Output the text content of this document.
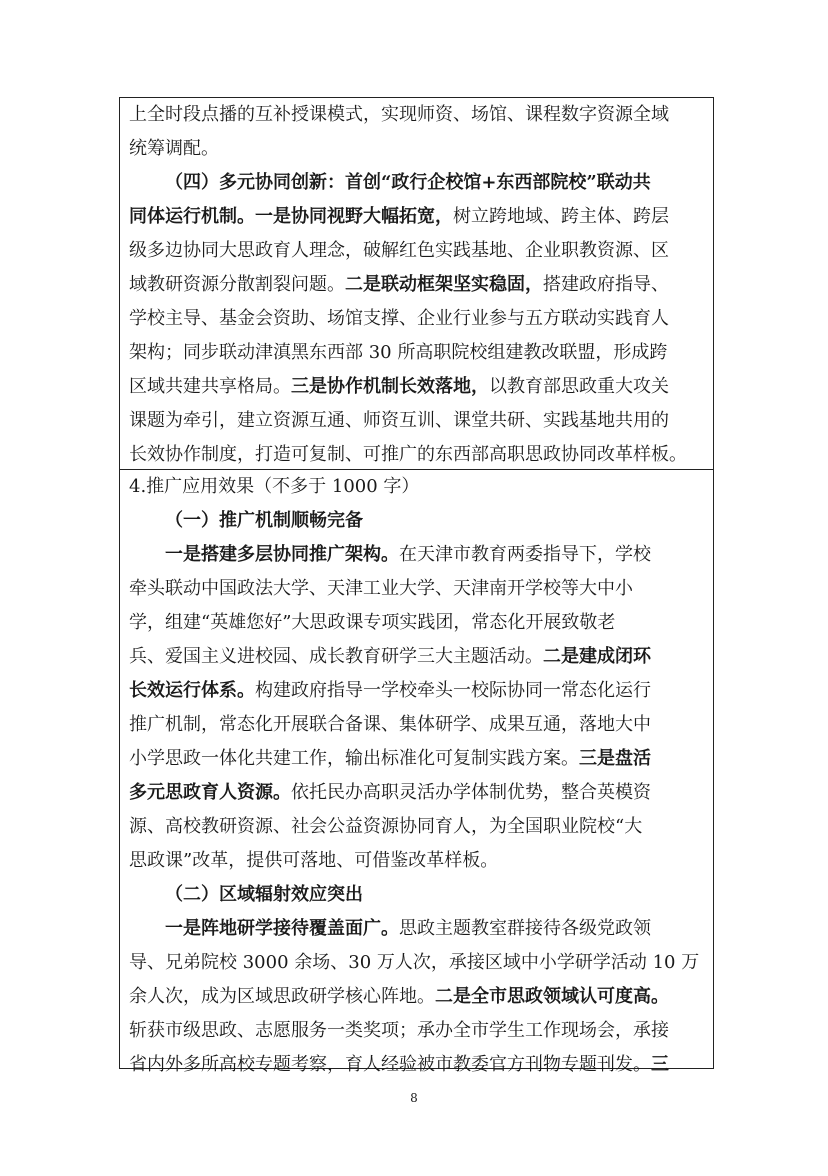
上全时段点播的互补授课模式，实现师资、场馆、课程数字资源全域
统筹调配。
（四）多元协同创新：首创“政行企校馆+东西部院校”联动共
同体运行机制。一是协同视野大幅拓宽，树立跨地域、跨主体、跨层
级多边协同大思政育人理念，破解红色实践基地、企业职教资源、区
域教研资源分散割裂问题。二是联动框架坚实稳固，搭建政府指导、
学校主导、基金会资助、场馆支撑、企业行业参与五方联动实践育人
架构；同步联动津滇黑东西部 30 所高职院校组建教改联盟，形成跨
区域共建共享格局。三是协作机制长效落地，以教育部思政重大攻关
课题为牵引，建立资源互通、师资互训、课堂共研、实践基地共用的
长效协作制度，打造可复制、可推广的东西部高职思政协同改革样板。
4.推广应用效果（不多于 1000 字）
（一）推广机制顺畅完备
一是搭建多层协同推广架构。在天津市教育两委指导下，学校
牵头联动中国政法大学、天津工业大学、天津南开学校等大中小
学，组建“英雄您好”大思政课专项实践团，常态化开展致敬老
兵、爱国主义进校园、成长教育研学三大主题活动。二是建成闭环
长效运行体系。构建政府指导一学校牵头一校际协同一常态化运行
推广机制，常态化开展联合备课、集体研学、成果互通，落地大中
小学思政一体化共建工作，输出标准化可复制实践方案。三是盘活
多元思政育人资源。依托民办高职灵活办学体制优势，整合英模资
源、高校教研资源、社会公益资源协同育人，为全国职业院校“大
思政课”改革，提供可落地、可借鉴改革样板。
（二）区域辐射效应突出
一是阵地研学接待覆盖面广。思政主题教室群接待各级党政领
导、兄弟院校 3000 余场、30 万人次，承接区域中小学研学活动 10 万
余人次，成为区域思政研学核心阵地。二是全市思政领域认可度高。
斩获市级思政、志愿服务一类奖项；承办全市学生工作现场会，承接
省内外多所高校专题考察，育人经验被市教委官方刊物专题刊发。三
8
